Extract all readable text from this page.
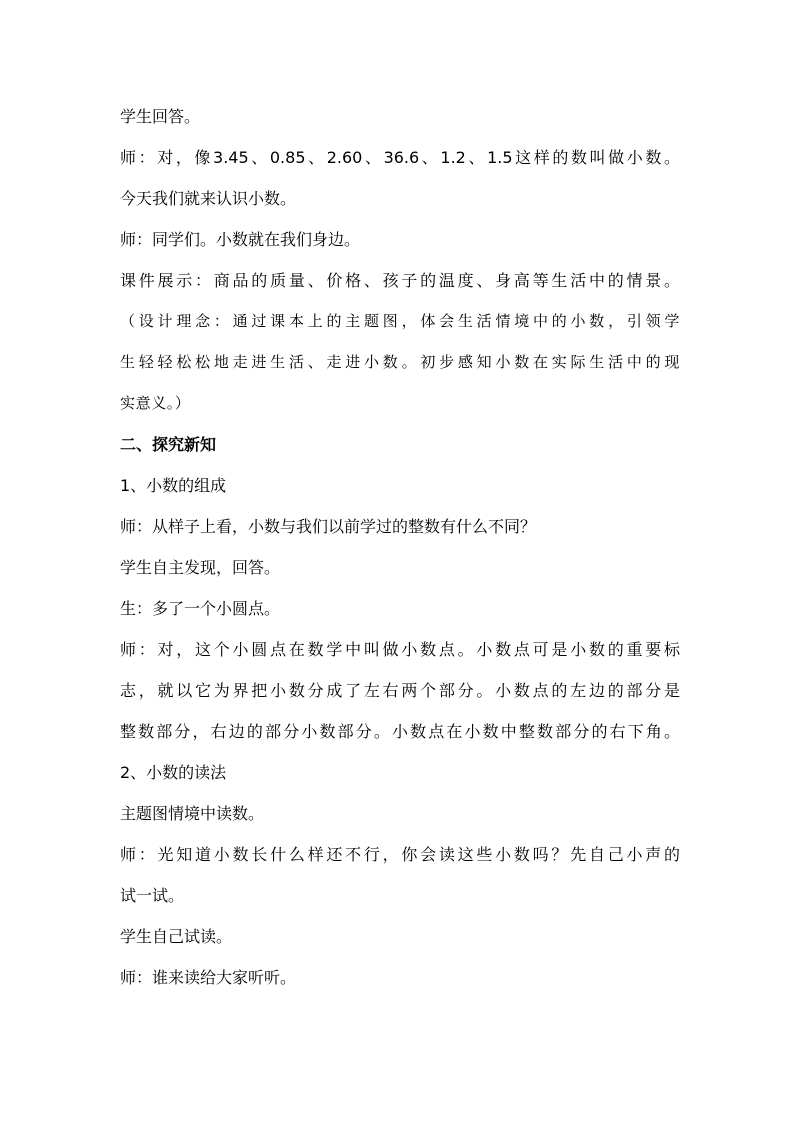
学生回答。
师：对，像3.45、0.85、2.60、36.6、1.2、1.5这样的数叫做小数。
今天我们就来认识小数。
师：同学们。小数就在我们身边。
课件展示：商品的质量、价格、孩子的温度、身高等生活中的情景。
（设计理念：通过课本上的主题图，体会生活情境中的小数，引领学
生轻轻松松地走进生活、走进小数。初步感知小数在实际生活中的现
实意义。）
二、探究新知
1、小数的组成
师：从样子上看，小数与我们以前学过的整数有什么不同？
学生自主发现，回答。
生：多了一个小圆点。
师：对，这个小圆点在数学中叫做小数点。小数点可是小数的重要标
志，就以它为界把小数分成了左右两个部分。小数点的左边的部分是
整数部分，右边的部分小数部分。小数点在小数中整数部分的右下角。
2、小数的读法
主题图情境中读数。
师：光知道小数长什么样还不行，你会读这些小数吗？先自己小声的
试一试。
学生自己试读。
师：谁来读给大家听听。
